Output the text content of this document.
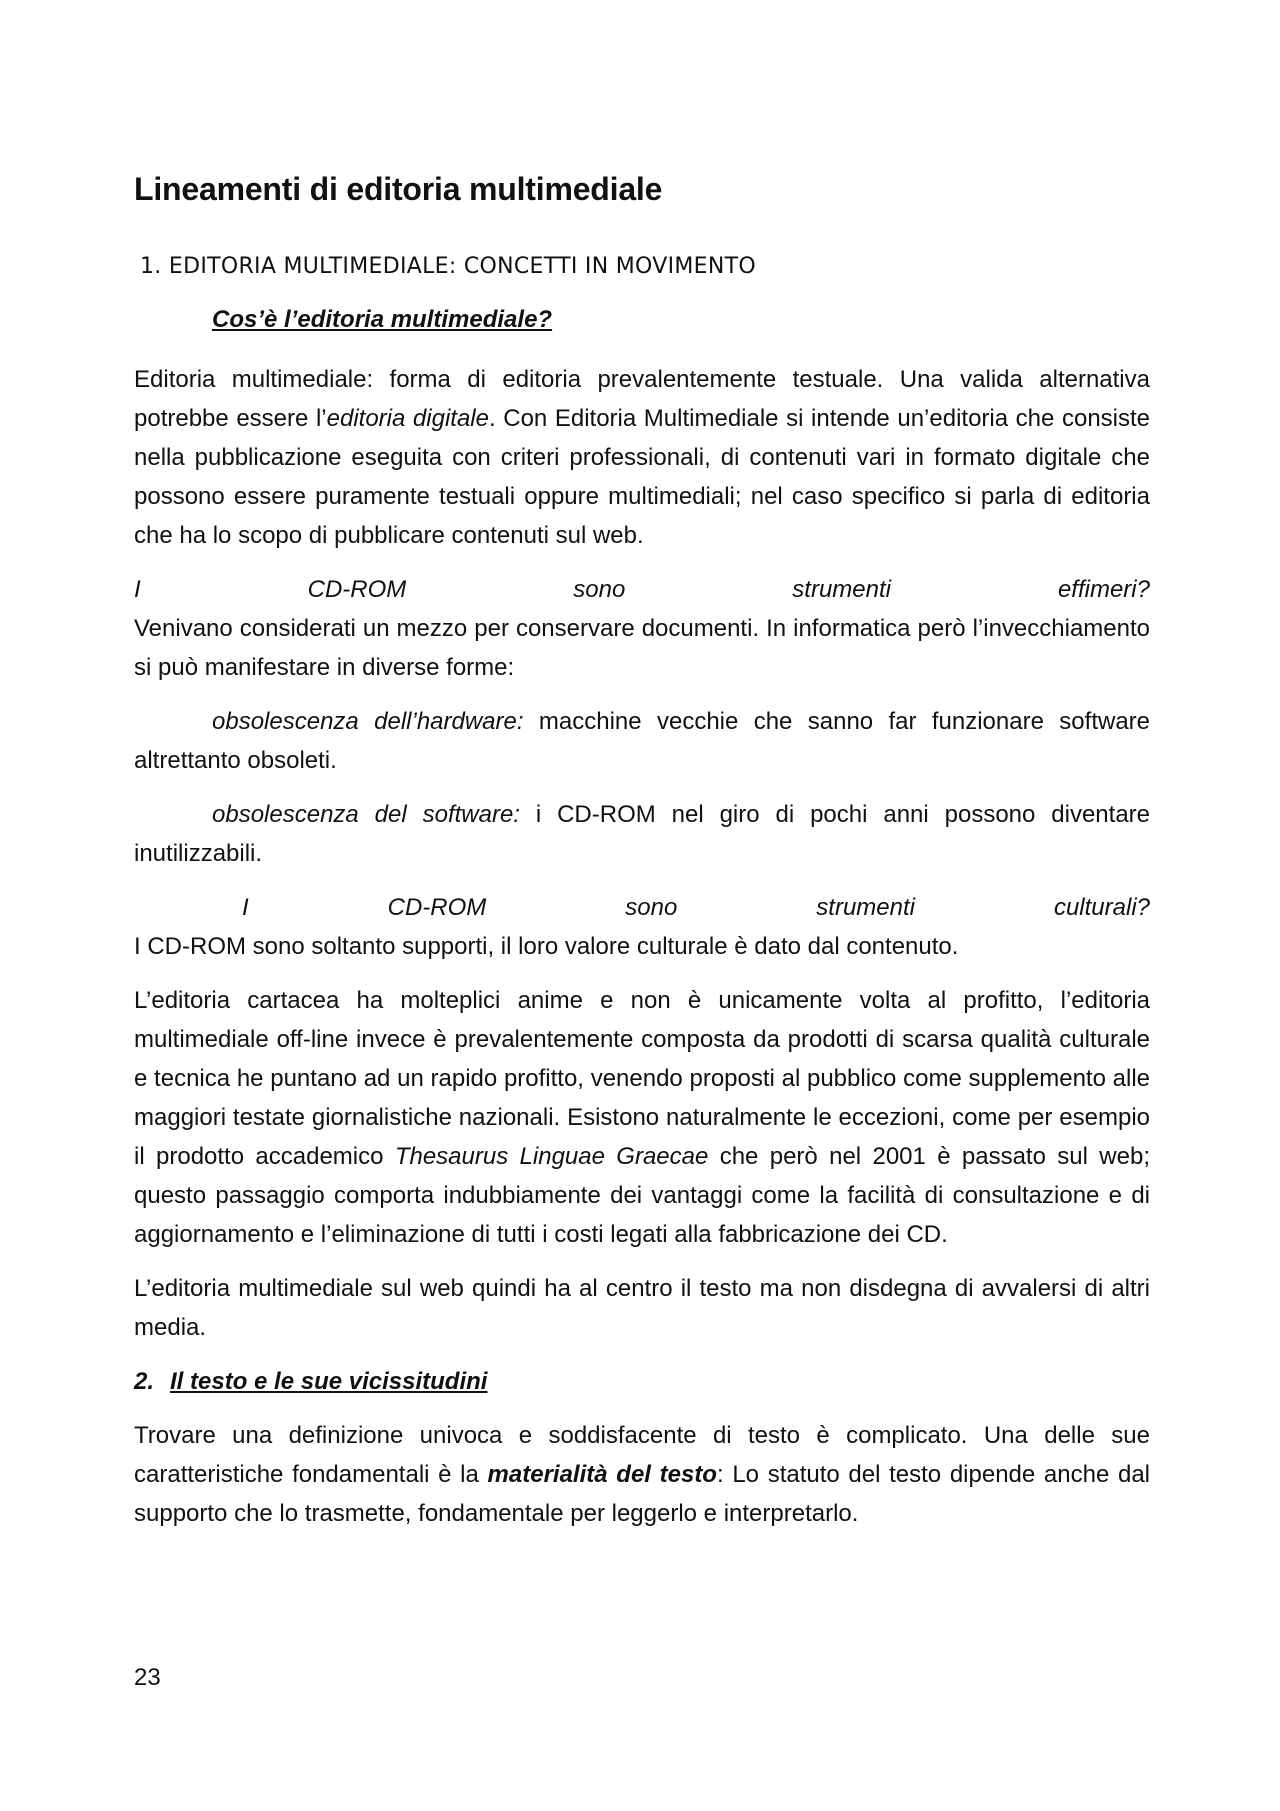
Lineamenti di editoria multimediale
1. EDITORIA MULTIMEDIALE: CONCETTI IN MOVIMENTO
Cos’è l’editoria multimediale?

Editoria multimediale: forma di editoria prevalentemente testuale. Una valida alternativa potrebbe essere l’editoria digitale. Con Editoria Multimediale si intende un’editoria che consiste nella pubblicazione eseguita con criteri professionali, di contenuti vari in formato digitale che possono essere puramente testuali oppure multimediali; nel caso specifico si parla di editoria che ha lo scopo di pubblicare contenuti sul web.

I	CD-ROM	sono	strumenti	effimeri?

Venivano considerati un mezzo per conservare documenti. In informatica però l’invecchiamento si può manifestare in diverse forme:

obsolescenza dell’hardware: macchine vecchie che sanno far funzionare software altrettanto obsoleti.

obsolescenza del software: i CD-ROM nel giro di pochi anni possono diventare inutilizzabili.

I	CD-ROM	sono	strumenti	culturali?

I CD-ROM sono soltanto supporti, il loro valore culturale è dato dal contenuto.

L’editoria cartacea ha molteplici anime e non è unicamente volta al profitto, l’editoria multimediale off-line invece è prevalentemente composta da prodotti di scarsa qualità culturale e tecnica he puntano ad un rapido profitto, venendo proposti al pubblico come supplemento alle maggiori testate giornalistiche nazionali. Esistono naturalmente le eccezioni, come per esempio il prodotto accademico Thesaurus Linguae Graecae che però nel 2001 è passato sul web; questo passaggio comporta indubbiamente dei vantaggi come la facilità di consultazione e di aggiornamento e l’eliminazione di tutti i costi legati alla fabbricazione dei CD.

L’editoria multimediale sul web quindi ha al centro il testo ma non disdegna di avvalersi di altri media.

2. Il testo e le sue vicissitudini

Trovare una definizione univoca e soddisfacente di testo è complicato. Una delle sue caratteristiche fondamentali è la materialità del testo: Lo statuto del testo dipende anche dal supporto che lo trasmette, fondamentale per leggerlo e interpretarlo.

23
